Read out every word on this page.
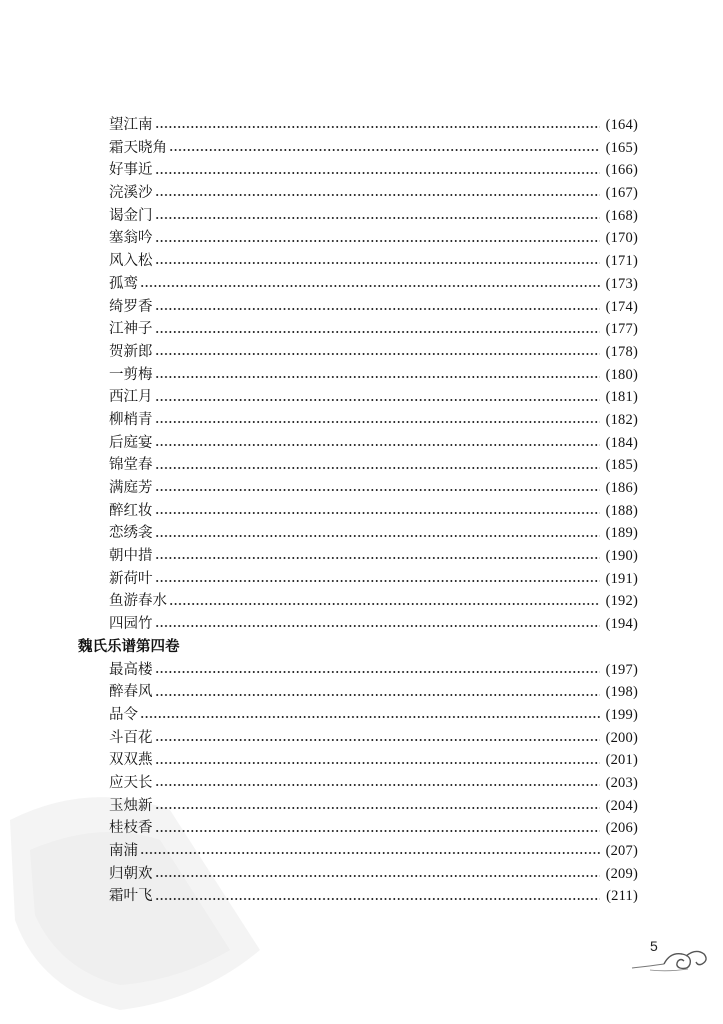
望江南	(164)
霜天晓角	(165)
好事近	(166)
浣溪沙	(167)
谒金门	(168)
塞翁吟	(170)
风入松	(171)
孤鸾	(173)
绮罗香	(174)
江神子	(177)
贺新郎	(178)
一剪梅	(180)
西江月	(181)
柳梢青	(182)
后庭宴	(184)
锦堂春	(185)
满庭芳	(186)
醉红妆	(188)
恋绣衾	(189)
朝中措	(190)
新荷叶	(191)
鱼游春水	(192)
四园竹	(194)
魏氏乐谱第四卷
最高楼	(197)
醉春风	(198)
品令	(199)
斗百花	(200)
双双燕	(201)
应天长	(203)
玉烛新	(204)
桂枝香	(206)
南浦	(207)
归朝欢	(209)
霜叶飞	(211)
5
